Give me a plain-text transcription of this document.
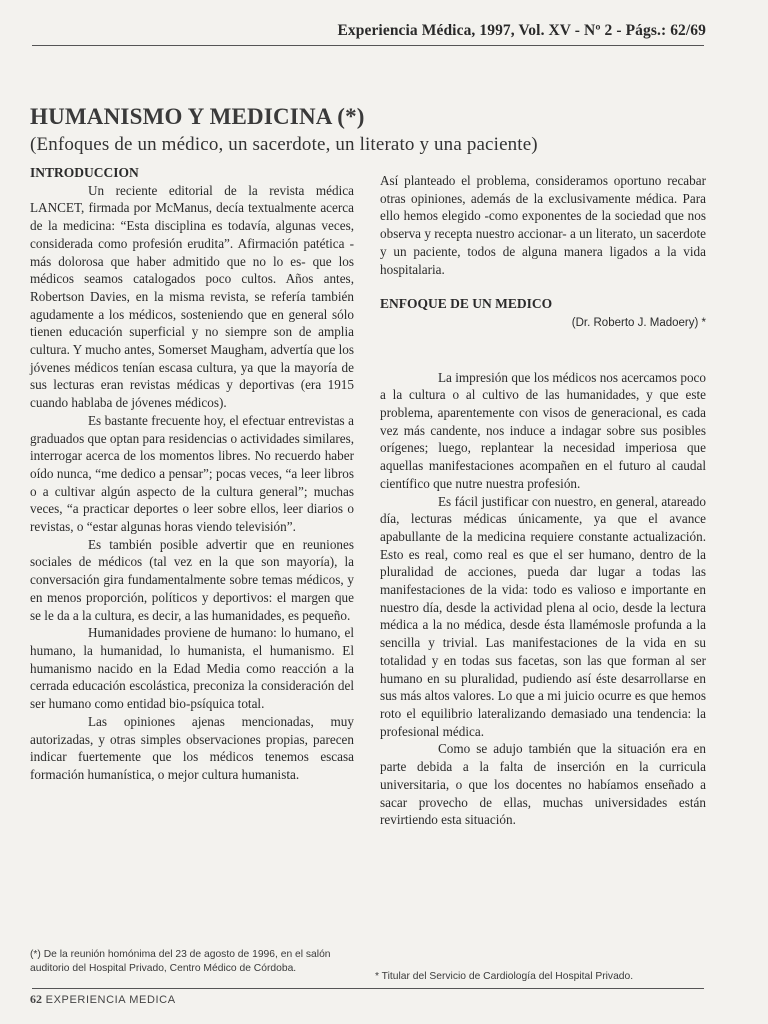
Experiencia Médica, 1997, Vol. XV - Nº 2 - Págs.: 62/69
HUMANISMO Y MEDICINA (*)
(Enfoques de un médico, un sacerdote, un literato y una paciente)
INTRODUCCION

Un reciente editorial de la revista médica LANCET, firmada por McManus, decía textualmente acerca de la medicina: “Esta disciplina es todavía, algunas veces, considerada como profesión erudita”. Afirmación patética -más dolorosa que haber admitido que no lo es- que los médicos seamos catalogados poco cultos. Años antes, Robertson Davies, en la misma revista, se refería también agudamente a los médicos, sosteniendo que en general sólo tienen educación superficial y no siempre son de amplia cultura. Y mucho antes, Somerset Maugham, advertía que los jóvenes médicos tenían escasa cultura, ya que la mayoría de sus lecturas eran revistas médicas y deportivas (era 1915 cuando hablaba de jóvenes médicos).

Es bastante frecuente hoy, el efectuar entrevistas a graduados que optan para residencias o actividades similares, interrogar acerca de los momentos libres. No recuerdo haber oído nunca, “me dedico a pensar”; pocas veces, “a leer libros o a cultivar algún aspecto de la cultura general”; muchas veces, “a practicar deportes o leer sobre ellos, leer diarios o revistas, o “estar algunas horas viendo televisión”.

Es también posible advertir que en reuniones sociales de médicos (tal vez en la que son mayoría), la conversación gira fundamentalmente sobre temas médicos, y en menos proporción, políticos y deportivos: el margen que se le da a la cultura, es decir, a las humanidades, es pequeño.

Humanidades proviene de humano: lo humano, el humano, la humanidad, lo humanista, el humanismo. El humanismo nacido en la Edad Media como reacción a la cerrada educación escolástica, preconiza la consideración del ser humano como entidad bio-psíquica total.

Las opiniones ajenas mencionadas, muy autorizadas, y otras simples observaciones propias, parecen indicar fuertemente que los médicos tenemos escasa formación humanística, o mejor cultura humanista.

Así planteado el problema, consideramos oportuno recabar otras opiniones, además de la exclusivamente médica. Para ello hemos elegido -como exponentes de la sociedad que nos observa y recepta nuestro accionar- a un literato, un sacerdote y un paciente, todos de alguna manera ligados a la vida hospitalaria.

ENFOQUE DE UN MEDICO
(Dr. Roberto J. Madoery) *

La impresión que los médicos nos acercamos poco a la cultura o al cultivo de las humanidades, y que este problema, aparentemente con visos de generacional, es cada vez más candente, nos induce a indagar sobre sus posibles orígenes; luego, replantear la necesidad imperiosa que aquellas manifestaciones acompañen en el futuro al caudal científico que nutre nuestra profesión.

Es fácil justificar con nuestro, en general, atareado día, lecturas médicas únicamente, ya que el avance apabullante de la medicina requiere constante actualización. Esto es real, como real es que el ser humano, dentro de la pluralidad de acciones, pueda dar lugar a todas las manifestaciones de la vida: todo es valioso e importante en nuestro día, desde la actividad plena al ocio, desde la lectura médica a la no médica, desde ésta llamémosle profunda a la sencilla y trivial. Las manifestaciones de la vida en su totalidad y en todas sus facetas, son las que forman al ser humano en su pluralidad, pudiendo así éste desarrollarse en sus más altos valores. Lo que a mi juicio ocurre es que hemos roto el equilibrio lateralizando demasiado una tendencia: la profesional médica.

Como se adujo también que la situación era en parte debida a la falta de inserción en la curricula universitaria, o que los docentes no habíamos enseñado a sacar provecho de ellas, muchas universidades están revirtiendo esta situación.

(*) De la reunión homónima del 23 de agosto de 1996, en el salón auditorio del Hospital Privado, Centro Médico de Córdoba.
* Titular del Servicio de Cardiología del Hospital Privado.
62 EXPERIENCIA MEDICA
